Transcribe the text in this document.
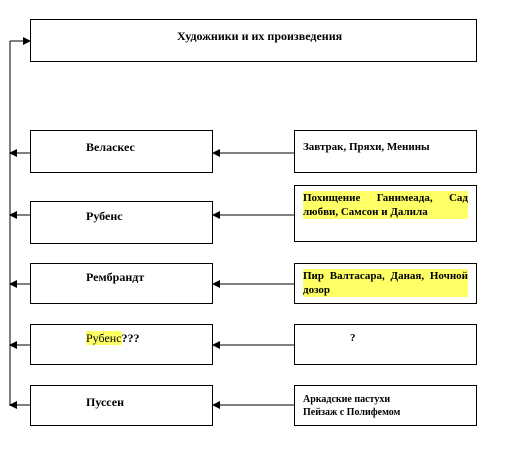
Художники и их произведения
Веласкес
Рубенс
Рембрандт
Рубенс???
Пуссен
Завтрак, Пряхи, Менины
Похищение Ганимеада, Сад любви, Самсон и Далила
Пир Валтасара, Даная, Ночной дозор
?
Аркадские пастухи
Пейзаж с Полифемом
